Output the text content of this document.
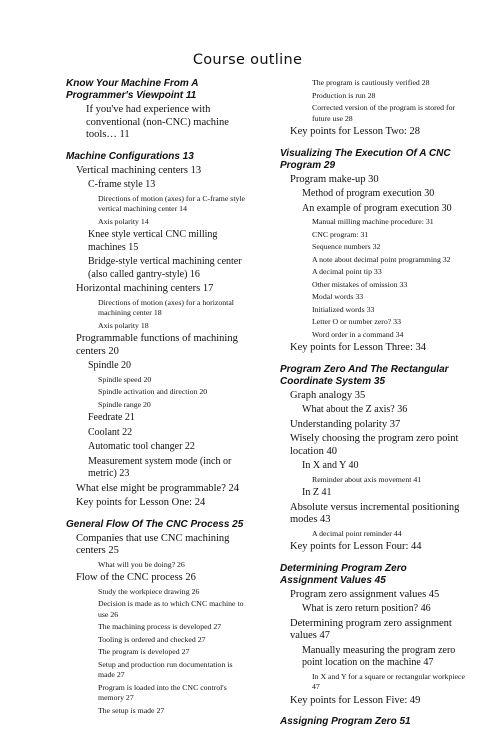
Course outline
Know Your Machine From A Programmer's Viewpoint 11
If you've had experience with conventional (non-CNC) machine tools… 11
Machine Configurations 13
Vertical machining centers 13
C-frame style 13
Directions of motion (axes) for a C-frame style vertical machining center 14
Axis polarity 14
Knee style vertical CNC milling machines 15
Bridge-style vertical machining center (also called gantry-style) 16
Horizontal machining centers 17
Directions of motion (axes) for a horizontal machining center 18
Axis polarity 18
Programmable functions of machining centers 20
Spindle 20
Spindle speed 20
Spindle activation and direction 20
Spindle range 20
Feedrate 21
Coolant 22
Automatic tool changer 22
Measurement system mode (inch or metric) 23
What else might be programmable? 24
Key points for Lesson One: 24
General Flow Of The CNC Process 25
Companies that use CNC machining centers 25
What will you be doing? 26
Flow of the CNC process 26
Study the workpiece drawing 26
Decision is made as to which CNC machine to use 26
The machining process is developed 27
Tooling is ordered and checked 27
The program is developed 27
Setup and production run documentation is made 27
Program is loaded into the CNC control's memory 27
The setup is made 27
The program is cautiously verified 28
Production is run 28
Corrected version of the program is stored for future use 28
Key points for Lesson Two: 28
Visualizing The Execution Of A CNC Program 29
Program make-up 30
Method of program execution 30
An example of program execution 30
Manual milling machine procedure: 31
CNC program: 31
Sequence numbers 32
A note about decimal point programming 32
A decimal point tip 33
Other mistakes of omission 33
Modal words 33
Initialized words 33
Letter O or number zero? 33
Word order in a command 34
Key points for Lesson Three: 34
Program Zero And The Rectangular Coordinate System 35
Graph analogy 35
What about the Z axis? 36
Understanding polarity 37
Wisely choosing the program zero point location 40
In X and Y 40
Reminder about axis movement 41
In Z 41
Absolute versus incremental positioning modes 43
A decimal point reminder 44
Key points for Lesson Four: 44
Determining Program Zero Assignment Values 45
Program zero assignment values 45
What is zero return position? 46
Determining program zero assignment values 47
Manually measuring the program zero point location on the machine 47
In X and Y for a square or rectangular workpiece 47
Key points for Lesson Five: 49
Assigning Program Zero 51
